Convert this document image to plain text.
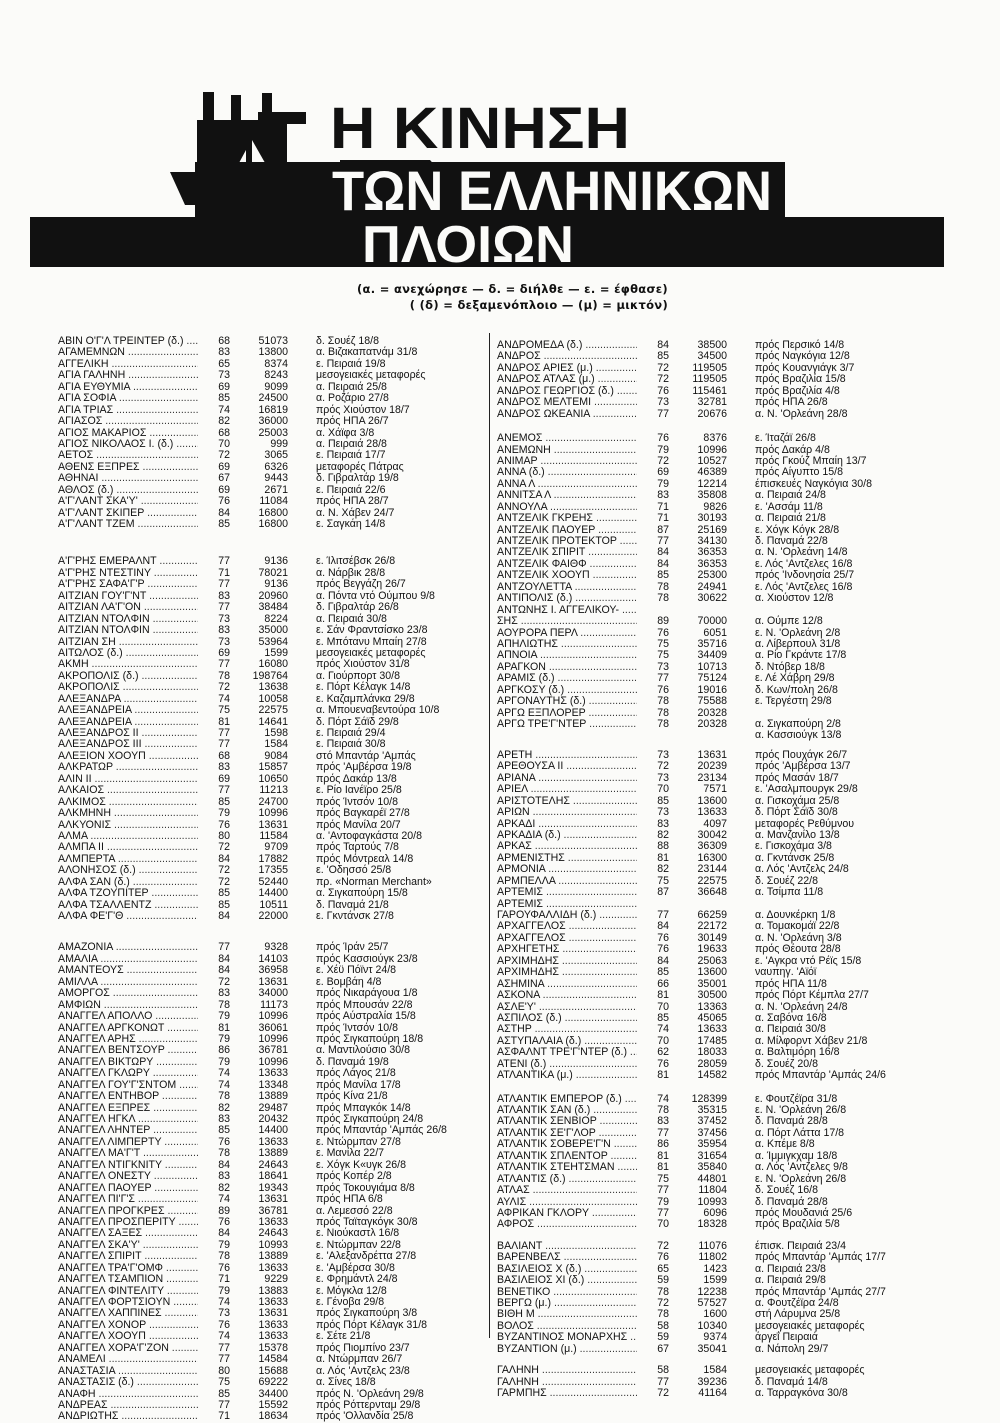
Η ΚΙΝΗΣΗ
ΤΩΝ ΕΛΛΗΝΙΚΩΝ
ΠΛΟΙΩΝ
(α. = ανεχώρησε — δ. = διήλθε — ε. = έφθασε)
( (δ) = δεξαμενόπλοιο — (μ) = μικτόν)
ΑΒΙΝ Ο'Γ'Λ ΤΡΕΪΝΤΕΡ (δ.) .....	68	51073	δ. Σουέζ 18/8
ΑΓΑΜΕΜΝΩΝ .....	83	13800	α. Βιζακαπατνάμ 31/8
ΑΓΓΕΛΙΚΗ .....	65	8374	ε. Πειραιά 19/8
ΑΓΙΑ ΓΑΛΗΝΗ .....	73	8243	μεσογειακές μεταφορές
ΑΓΙΑ ΕΥΘΥΜΙΑ .....	69	9099	α. Πειραιά 25/8
ΑΓΙΑ ΣΟΦΙΑ .....	85	24500	α. Ροζάριο 27/8
ΑΓΙΑ ΤΡΙΑΣ .....	74	16819	πρός Χιούστον 18/7
ΑΓΙΑΣΟΣ .....	82	36000	πρός ΗΠΑ 26/7
ΑΓΙΟΣ ΜΑΚΑΡΙΟΣ .....	68	25003	α. Χάϊφα 3/8
ΑΓΙΟΣ ΝΙΚΟΛΑΟΣ Ι. (δ.) .....	70	999	α. Πειραιά 28/8
ΑΕΤΟΣ .....	72	3065	ε. Πειραιά 17/7
ΑΘΕΝΣ ΕΞΠΡΕΣ .....	69	6326	μεταφορές Πάτρας
ΑΘΗΝΑΙ .....	67	9443	δ. Γιβραλτάρ 19/8
ΑΘΛΟΣ (δ.) .....	69	2671	ε. Πειραιά 22/6
Α'Γ'ΛΑΝΤ ΣΚΑ'Υ' .....	76	11084	πρός ΗΠΑ 28/7
Α'Γ'ΛΑΝΤ ΣΚΙΠΕΡ .....	84	16800	α. Ν. Χάβεν 24/7
Α'Γ'ΛΑΝΤ ΤΖΕΜ .....	85	16800	ε. Σαγκάη 14/8
Α'Γ'ΡΗΣ ΕΜΕΡΑΛΝΤ .....	77	9136	ε. Ίλιτσέβσκ 26/8
Α'Γ'ΡΗΣ ΝΤΕΣΤΙΝΥ .....	71	78021	α. Νάρβικ 28/8
Α'Γ'ΡΗΣ ΣΑΦΑ'Γ'Ρ .....	77	9136	πρός Βεγγάζη 26/7
ΑΙΤΖΙΑΝ ΓΟΥ'Γ'ΝΤ .....	83	20960	α. Πόντα ντό Ούμπου 9/8
ΑΙΤΖΙΑΝ ΛΑ'Γ'ΟΝ .....	77	38484	δ. Γιβραλτάρ 26/8
ΑΙΤΖΙΑΝ ΝΤΟΛΦΙΝ .....	73	8224	α. Πειραιά 30/8
ΑΙΤΖΙΑΝ ΝΤΟΛΦΙΝ .....	83	35000	ε. Σάν Φραντσίσκο 23/8
ΑΙΤΖΙΑΝ ΣΗ .....	73	53964	ε. Μπότανυ Μπαίη 27/8
ΑΙΤΩΛΟΣ (δ.) .....	69	1599	μεσογειακές μεταφορές
ΑΚΜΗ .....	77	16080	πρός Χιούστον 31/8
ΑΚΡΟΠΟΛΙΣ (δ.) .....	78	198764	α. Γιούρπορτ 30/8
ΑΚΡΟΠΟΛΙΣ .....	72	13638	ε. Πόρτ Κέλαγκ 14/8
ΑΛΕΞΑΝΔΡΑ .....	74	10058	ε. Καζαμπλάνκα 29/8
ΑΛΕΞΑΝΔΡΕΙΑ .....	75	22575	α. Μπουεναβεντούρα 10/8
ΑΛΕΞΑΝΔΡΕΙΑ .....	81	14641	δ. Πόρτ Σάϊδ 29/8
ΑΛΕΞΑΝΔΡΟΣ ΙΙ .....	77	1598	ε. Πειραιά 29/4
ΑΛΕΞΑΝΔΡΟΣ ΙΙΙ .....	77	1584	ε. Πειραιά 30/8
ΑΛΕΞΙΟΝ ΧΟΟΥΠ .....	68	9084	στό Μπαντάρ 'Αμπάς
ΑΛΚΡΑΤΩΡ .....	83	15857	πρός 'Αμβέρσα 19/8
ΑΛΙΝ ΙΙ .....	69	10650	πρός Δακάρ 13/8
ΑΛΚΑΙΟΣ .....	77	11213	ε. Ρίο Ιανέϊρο 25/8
ΑΛΚΙΜΟΣ .....	85	24700	πρός Ίντσόν 10/8
ΑΛΚΜΗΝΗ .....	79	10996	πρός Βαγκαρέϊ 27/8
ΑΛΚΥΟΝΙΣ .....	76	13631	πρός Μανίλα 20/7
ΑΛΜΑ .....	80	11584	α. 'Αντοφαγκάστα 20/8
ΑΛΜΠΑ ΙΙ .....	72	9709	πρός Ταρτούς 7/8
ΑΛΜΠΕΡΤΑ .....	84	17882	πρός Μόντρεαλ 14/8
ΑΛΟΝΗΣΟΣ (δ.) .....	72	17355	ε. 'Οδησσό 25/8
ΑΛΦΑ ΣΑΝ (δ.) .....	72	52440	πρ. «Norman Merchant»
ΑΛΦΑ ΤΖΟΥΠΙΤΕΡ .....	85	14400	α. Σιγκαπούρη 15/8
ΑΛΦΑ ΤΣΑΛΛΕΝΤΖ .....	85	10511	δ. Παναμά 21/8
ΑΛΦΑ ΦΕ'Γ'Θ .....	84	22000	ε. Γκντάνσκ 27/8
ΑΜΑΖΟΝΙΑ .....	77	9328	πρός Ίράν 25/7
ΑΜΑΛΙΑ .....	84	14103	πρός Κασσιούγκ 23/8
ΑΜΑΝΤΕΟΥΣ .....	84	36958	ε. Χέϋ Πόϊντ 24/8
ΑΜΙΛΛΑ .....	72	13631	ε. Βομβάη 4/8
ΑΜΟΡΓΟΣ .....	83	34000	πρός Νικαράγουα 1/8
ΑΜΦΙΩΝ .....	78	11173	πρός Μπουσάν 22/8
ΑΝΑΓΓΕΛ ΑΠΟΛΛΟ .....	79	10996	πρός Αύστραλία 15/8
ΑΝΑΓΓΕΛ ΑΡΓΚΟΝΩΤ .....	81	36061	πρός Ίντσόν 10/8
ΑΝΑΓΓΕΛ ΑΡΗΣ .....	79	10996	πρός Σιγκαπούρη 18/8
ΑΝΑΓΓΕΛ ΒΕΝΤΣΟΥΡ .....	86	36781	α. Μαντιλούσιο 30/8
ΑΝΑΓΓΕΛ ΒΙΚΤΩΡΥ .....	79	10996	δ. Παναμά 19/8
ΑΝΑΓΓΕΛ ΓΚΛΩΡΥ .....	74	13633	πρός Λάγος 21/8
ΑΝΑΓΓΕΛ ΓΟΥ'Γ'ΣΝΤΟΜ .....	74	13348	πρός Μανίλα 17/8
ΑΝΑΓΓΕΛ ΕΝΤΗΒΟΡ .....	78	13889	πρός Κίνα 21/8
ΑΝΑΓΓΕΛ ΕΞΠΡΕΣ .....	82	29487	πρός Μπαγκόκ 14/8
ΑΝΑΓΓΕΛ ΗΓΚΛ .....	83	20432	πρός Σιγκαπούρη 24/8
ΑΝΑΓΓΕΛ ΛΗΝΤΕΡ .....	85	14400	πρός Μπαντάρ 'Αμπάς 26/8
ΑΝΑΓΓΕΛ ΛΙΜΠΕΡΤΥ .....	76	13633	ε. Ντώρμπαν 27/8
ΑΝΑΓΓΕΛ ΜΑ'Γ'Τ .....	78	13889	ε. Μανίλα 22/7
ΑΝΑΓΓΕΛ ΝΤΙΓΚΝΙΤΥ .....	84	24643	ε. Χόγκ Κ«υγκ 26/8
ΑΝΑΓΓΕΛ ΟΝΕΣΤΥ .....	83	18641	πρός Κοπέρ 2/8
ΑΝΑΓΓΕΛ ΠΑΟΥΕΡ .....	82	19343	πρός Τοκουγιάμα 8/8
ΑΝΑΓΓΕΛ ΠΙ'Γ'Σ .....	74	13631	πρός ΗΠΑ 6/8
ΑΝΑΓΓΕΛ ΠΡΟΓΚΡΕΣ .....	89	36781	α. Λεμεσσό 22/8
ΑΝΑΓΓΕΛ ΠΡΟΣΠΕΡΙΤΥ .....	76	13633	πρός Ταϊταγκόγκ 30/8
ΑΝΑΓΓΕΛ ΣΑΞΕΣ .....	84	24643	ε. Νιούκαστλ 16/8
ΑΝΑΓΓΕΛ ΣΚΑ'Υ' .....	79	10993	ε. Ντώρμπαν 22/8
ΑΝΑΓΓΕΛ ΣΠΙΡΙΤ .....	78	13889	ε. 'Αλεξανδρέττα 27/8
ΑΝΑΓΓΕΛ ΤΡΑ'Γ'ΟΜΦ .....	76	13633	ε. 'Αμβέρσα 30/8
ΑΝΑΓΓΕΛ ΤΣΑΜΠΙΟΝ .....	71	9229	ε. Φρημάντλ 24/8
ΑΝΑΓΓΕΛ ΦΙΝΤΕΛΙΤΥ .....	79	13883	ε. Μόγκλα 12/8
ΑΝΑΓΓΕΛ ΦΟΡΤΣΙΟΥΝ .....	74	13633	ε. Γένοβα 29/8
ΑΝΑΓΓΕΛ ΧΑΠΠΙΝΕΣ .....	73	13631	πρός Σιγκαπούρη 3/8
ΑΝΑΓΓΕΛ ΧΟΝΟΡ .....	76	13633	πρός Πόρτ Κέλαγκ 31/8
ΑΝΑΓΓΕΛ ΧΟΟΥΠ .....	74	13633	ε. Σέτε 21/8
ΑΝΑΓΓΕΛ ΧΟΡΑ'Γ'ΖΟΝ .....	77	15378	πρός Πιομπίνο 23/7
ΑΝΑΜΕΛΙ .....	77	14584	α. Ντώρμπαν 26/7
ΑΝΑΣΤΑΣΙΑ .....	80	15688	α. Λός 'Αντζελς 23/8
ΑΝΑΣΤΑΣΙΣ (δ.) .....	75	69222	α. Σίνες 18/8
ΑΝΑΦΗ .....	85	34400	πρός Ν. 'Ορλεάνη 29/8
ΑΝΔΡΕΑΣ .....	77	15592	πρός Ρόττερνταμ 29/8
ΑΝΔΡΙΩΤΗΣ .....	71	18634	πρός 'Ολλανδία 25/8
ΑΝΔΡΟΜΕΔΑ (δ.) .....	84	38500	πρός Περσικό 14/8
ΑΝΔΡΟΣ .....	85	34500	πρός Ναγκόγια 12/8
ΑΝΔΡΟΣ ΑΡΙΕΣ (μ.) .....	72	119505	πρός Κουανγιάγκ 3/7
ΑΝΔΡΟΣ ΑΤΛΑΣ (μ.) .....	72	119505	πρός Βραζιλία 15/8
ΑΝΔΡΟΣ ΓΕΩΡΓΙΟΣ (δ.) .....	76	115461	πρός Βραζιλία 4/8
ΑΝΔΡΟΣ ΜΕΛΤΕΜΙ .....	73	32781	πρός ΗΠΑ 26/8
ΑΝΔΡΟΣ ΩΚΕΑΝΙΑ .....	77	20676	α. Ν. 'Ορλεάνη 28/8
ΑΝΕΜΟΣ .....	76	8376	ε. Ίταζάϊ 26/8
ΑΝΕΜΩΝΗ .....	79	10996	πρός Δακάρ 4/8
ΑΝΙΜΑΡ .....	72	10527	πρός Γκούζ Μπαίη 13/7
ΑΝΝΑ (δ.) .....	69	46389	πρός Αίγυπτο 15/8
ΑΝΝΑ Λ .....	79	12214	έπισκευές Ναγκόγια 30/8
ΑΝΝΙΤΣΑ Λ .....	83	35808	α. Πειραιά 24/8
ΑΝΝΟΥΛΑ .....	71	9826	ε. 'Ασσάμ 11/8
ΑΝΤΖΕΛΙΚ ΓΚΡΕΗΣ .....	71	30193	α. Πειραιά 21/8
ΑΝΤΖΕΛΙΚ ΠΑΟΥΕΡ .....	87	25169	ε. Χόγκ Κόγκ 28/8
ΑΝΤΖΕΛΙΚ ΠΡΟΤΕΚΤΟΡ .....	77	34130	δ. Παναμά 22/8
ΑΝΤΖΕΛΙΚ ΣΠΙΡΙΤ .....	84	36353	α. Ν. 'Ορλεάνη 14/8
ΑΝΤΖΕΛΙΚ ΦΑΙΘΦ .....	84	36353	ε. Λός 'Αντζελες 16/8
ΑΝΤΖΕΛΙΚ ΧΟΟΥΠ .....	85	25300	πρός 'Ινδονησία 25/7
ΑΝΤΖΟΥΛΕΤΤΑ .....	78	24941	ε. Λός 'Αντζελες 16/8
ΑΝΤΙΠΟΛΙΣ (δ.) .....	78	30622	α. Χιούστον 12/8
ΑΝΤΩΝΗΣ Ι. ΑΓΓΕΛΙΚΟΥ- .....
ΣΗΣ .....	89	70000	α. Ούμπε 12/8
ΑΟΥΡΟΡΑ ΠΕΡΛ .....	76	6051	ε. Ν. 'Ορλεάνη 2/8
ΑΠΗΛΙΩΤΗΣ .....	75	35716	α. Λίβερπουλ 31/8
ΑΠΝΟΙΑ .....	75	34409	α. Ρίο Γκράντε 17/8
ΑΡΑΓΚΟΝ .....	73	10713	δ. Ντόβερ 18/8
ΑΡΑΜΙΣ (δ.) .....	77	75124	ε. Λέ Χάβρη 29/8
ΑΡΓΚΟΣΥ (δ.) .....	76	19016	δ. Κων/πολη 26/8
ΑΡΓΟΝΑΥΤΗΣ (δ.) .....	78	75588	ε. Τεργέστη 29/8
ΑΡΓΩ ΕΞΠΛΟΡΕΡ .....	78	20328
ΑΡΓΩ ΤΡΕ'Γ'ΝΤΕΡ .....	78	20328	α. Σιγκαπούρη 2/8
α. Κασσιούγκ 13/8
ΑΡΕΤΗ .....	73	13631	πρός Πουχάγκ 26/7
ΑΡΕΘΟΥΣΑ ΙΙ .....	72	20239	πρός 'Αμβέρσα 13/7
ΑΡΙΑΝΑ .....	73	23134	πρός Μασάν 18/7
ΑΡΙΕΛ .....	70	7571	ε. 'Ασαλμπουργκ 29/8
ΑΡΙΣΤΟΤΕΛΗΣ .....	85	13600	α. Γισκοχάμα 25/8
ΑΡΙΩΝ .....	73	13633	δ. Πόρτ Σάϊδ 30/8
ΑΡΚΑΔΙ .....	83	4097	μεταφορές Ρεθύμνου
ΑΡΚΑΔΙΑ (δ.) .....	82	30042	α. Μανζανίλο 13/8
ΑΡΚΑΣ .....	88	36309	ε. Γισκοχάμα 3/8
ΑΡΜΕΝΙΣΤΗΣ .....	81	16300	α. Γκντάνσκ 25/8
ΑΡΜΟΝΙΑ .....	82	23144	α. Λός 'Αντζελς 24/8
ΑΡΜΠΕΛΛΑ .....	75	22575	δ. Σουέζ 22/8
ΑΡΤΕΜΙΣ .....	87	36648	α. Τσίμπα 11/8
ΑΡΤΕΜΙΣ .....
ΓΑΡΟΥΦΑΛΛΙΔΗ (δ.) .....	77	66259	α. Δουνκέρκη 1/8
ΑΡΧΑΓΓΕΛΟΣ .....	84	22172	α. Τομακομάϊ 22/8
ΑΡΧΑΓΓΕΛΟΣ .....	76	30149	α. Ν. 'Ορλεάνη 3/8
ΑΡΧΗΓΕΤΗΣ .....	76	19633	πρός Θέουτα 28/8
ΑΡΧΙΜΗΔΗΣ .....	84	25063	ε. 'Αγκρα ντό Ρέϊς 15/8
ΑΡΧΙΜΗΔΗΣ .....	85	13600	ναυπηγ. 'Αϊόϊ
ΑΣΗΜΙΝΑ .....	66	35001	πρός ΗΠΑ 11/8
ΑΣΚΟΝΑ .....	81	30500	πρός Πόρτ Κέμπλα 27/7
ΑΣΛΕ'Υ' .....	70	13363	α. Ν. 'Ορλεάνη 24/8
ΑΣΠΙΛΟΣ (δ.) .....	85	45065	α. Σαβόνα 16/8
ΑΣΤΗΡ .....	74	13633	α. Πειραιά 30/8
ΑΣΤΥΠΑΛΑΙΑ (δ.) .....	70	17485	α. Μίλφορντ Χάβεν 21/8
ΑΣΦΑΛΝΤ ΤΡΕ'Γ'ΝΤΕΡ (δ.) .....	62	18033	α. Βαλτιμόρη 16/8
ΑΤΕΝΙ (δ.) .....	76	28059	δ. Σουέζ 20/8
ΑΤΛΑΝΤΙΚΑ (μ.) .....	81	14582	πρός Μπαντάρ 'Αμπάς 24/6
ΑΤΛΑΝΤΙΚ ΕΜΠΕΡΟΡ (δ.) .....	74	128399	ε. Φουτζέϊρα 31/8
ΑΤΛΑΝΤΙΚ ΣΑΝ (δ.) .....	78	35315	ε. Ν. 'Ορλεάνη 26/8
ΑΤΛΑΝΤΙΚ ΣΕΝΒΙΟΡ .....	83	37452	δ. Παναμά 28/8
ΑΤΛΑΝΤΙΚ ΣΕ'Γ'ΛΟΡ .....	77	37456	α. Πόρτ Λάττα 17/8
ΑΤΛΑΝΤΙΚ ΣΟΒΕΡΕ'Γ'Ν .....	86	35954	α. Κπέμε 8/8
ΑΤΛΑΝΤΙΚ ΣΠΛΕΝΤΟΡ .....	81	31654	α. Ίμμιγκχαμ 18/8
ΑΤΛΑΝΤΙΚ ΣΤΕΗΤΣΜΑΝ .....	81	35840	α. Λός 'Αντζελες 9/8
ΑΤΛΑΝΤΙΣ (δ.) .....	75	44801	ε. Ν. 'Ορλεάνη 26/8
ΑΤΛΑΣ .....	77	11804	δ. Σουέζ 16/8
ΑΥΛΙΣ .....	79	10993	δ. Παναμά 28/8
ΑΦΡΙΚΑΝ ΓΚΛΟΡΥ .....	77	6096	πρός Μουδανιά 25/6
ΑΦΡΟΣ .....	70	18328	πρός Βραζιλία 5/8
ΒΑΛΙΑΝΤ .....	72	11076	έπισκ. Πειραιά 23/4
ΒΑΡΕΝΒΕΛΣ .....	76	11802	πρός Μπαντάρ 'Αμπάς 17/7
ΒΑΣΙΛΕΙΟΣ Χ (δ.) .....	65	1423	α. Πειραιά 23/8
ΒΑΣΙΛΕΙΟΣ ΧΙ (δ.) .....	59	1599	α. Πειραιά 29/8
ΒΕΝΕΤΙΚΟ .....	78	12238	πρός Μπαντάρ 'Αμπάς 27/7
ΒΕΡΓΩ (μ.) .....	72	57527	α. Φουτζέϊρα 24/8
ΒΙΘΗ Μ .....	78	1600	στή Λάρυμνα 25/8
ΒΟΛΟΣ .....	58	10340	μεσογειακές μεταφορές
ΒΥΖΑΝΤΙΝΟΣ ΜΟΝΑΡΧΗΣ .....	59	9374	άργεΐ Πειραιά
ΒΥΖΑΝΤΙΟΝ (μ.) .....	67	35041	α. Νάπολη 29/7
ΓΑΛΗΝΗ .....	58	1584	μεσογειακές μεταφορές
ΓΑΛΗΝΗ .....	77	39236	δ. Παναμά 14/8
ΓΑΡΜΠΗΣ .....	72	41164	α. Ταρραγκόνα 30/8
